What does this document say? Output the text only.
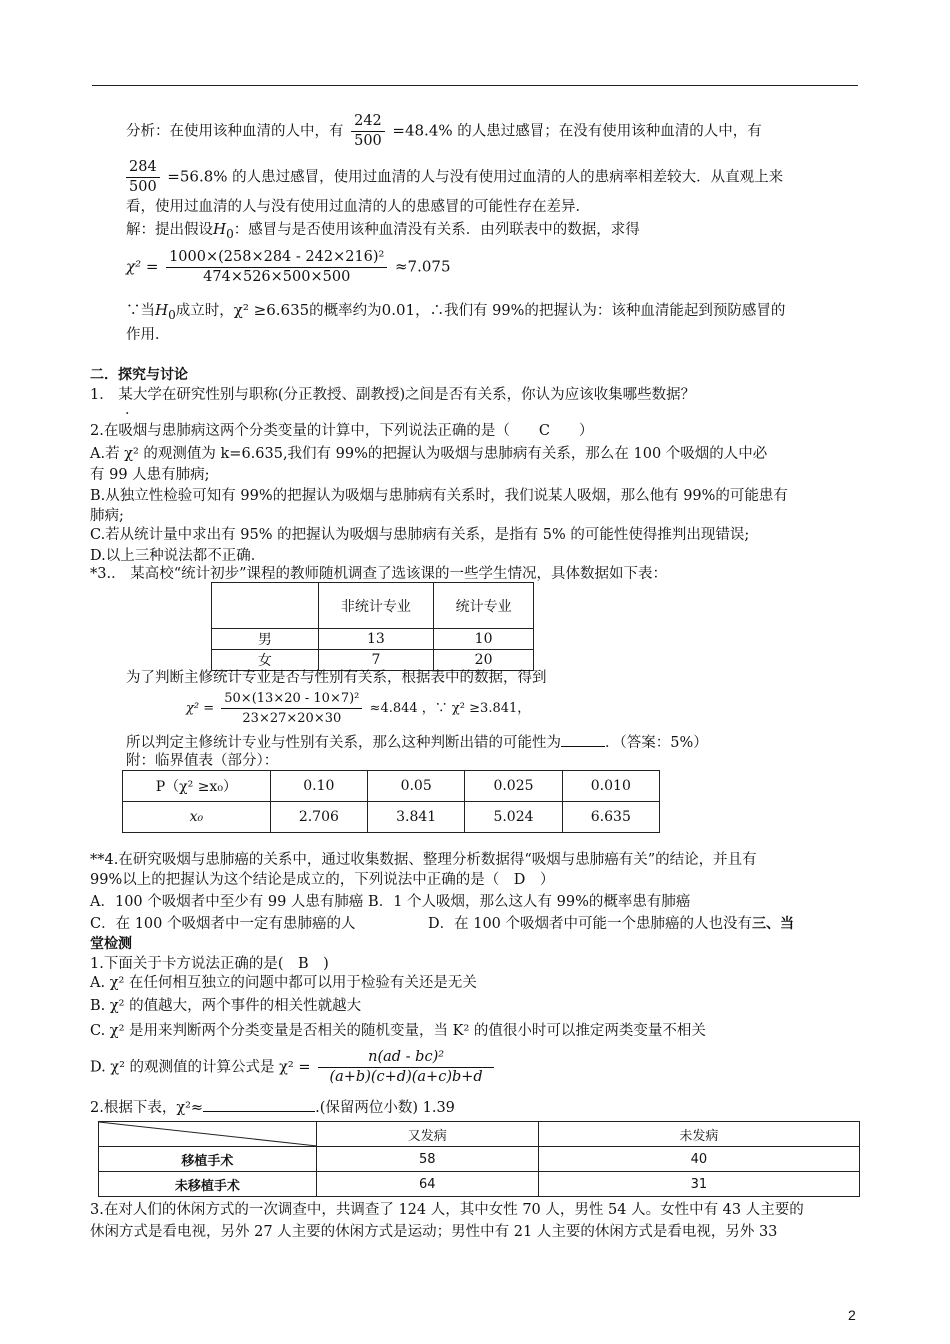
分析：在使用该种血清的人中，有 $\frac{242}{500} =48.4\%$ 的人患过感冒；在没有使用该种血清的人中，有
$\frac{284}{500} =56.8\%$ 的人患过感冒，使用过血清的人与没有使用过血清的人的患病率相差较大．从直观上来
看，使用过血清的人与没有使用过血清的人的患感冒的可能性存在差异．
解：提出假设$H_0$：感冒与是否使用该种血清没有关系．由列联表中的数据，求得
$\chi^2 = \frac{\text{1000×(258×284 - 242×216)²}}{474\times 526\times 500\times 500} \approx 7.075$
∵当$H_0$成立时，χ² ≥6.635的概率约为0.01，∴我们有 99%的把握认为：该种血清能起到预防感冒的
作用．
二．探究与讨论
1． 某大学在研究性别与职称(分正教授、副教授)之间是否有关系，你认为应该收集哪些数据？
．
2.在吸烟与患肺病这两个分类变量的计算中，下列说法正确的是（　　C　　）
A.若 χ² 的观测值为 k=6.635,我们有 99%的把握认为吸烟与患肺病有关系，那么在 100 个吸烟的人中必
有 99 人患有肺病;
B.从独立性检验可知有 99%的把握认为吸烟与患肺病有关系时，我们说某人吸烟，那么他有 99%的可能患有
肺病;
C.若从统计量中求出有 95% 的把握认为吸烟与患肺病有关系，是指有 5% 的可能性使得推判出现错误;
D.以上三种说法都不正确．
*3.． 某高校“统计初步”课程的教师随机调查了选该课的一些学生情况，具体数据如下表：
	非统计专业	统计专业
男	13	10
女	7	20
为了判断主修统计专业是否与性别有关系，根据表中的数据，得到
$\chi^2 = \frac{\text{50×(13×20 - 10×7)²}}{23\times 27\times 20\times 30} \approx 4.844$ ，∵ χ² ≥3.841，
所以判定主修统计专业与性别有关系，那么这种判断出错的可能性为	．（答案：5%）
附：临界值表（部分）：
P（χ² ≥x₀）	0.10	0.05	0.025	0.010
x₀	2.706	3.841	5.024	6.635
**4.在研究吸烟与患肺癌的关系中，通过收集数据、整理分析数据得“吸烟与患肺癌有关”的结论，并且有
99%以上的把握认为这个结论是成立的，下列说法中正确的是（　D　）
A．100 个吸烟者中至少有 99 人患有肺癌 B．1 个人吸烟，那么这人有 99%的概率患有肺癌
C．在 100 个吸烟者中一定有患肺癌的人　　　　　D．在 100 个吸烟者中可能一个患肺癌的人也没有三、当
堂检测
1.下面关于卡方说法正确的是(　B　)
A. χ² 在任何相互独立的问题中都可以用于检验有关还是无关
B. χ² 的值越大，两个事件的相关性就越大
C. χ² 是用来判断两个分类变量是否相关的随机变量，当 K² 的值很小时可以推定两类变量不相关
D. χ² 的观测值的计算公式是 $\chi^2 = \frac{\text{n(ad - bc)²}}{(a+b)(c+d)(a+c)b+d}$
2.根据下表，χ²≈	.(保留两位小数) 1.39
	又发病	未发病
移植手术	58	40
未移植手术	64	31
3.在对人们的休闲方式的一次调查中，共调查了 124 人，其中女性 70 人，男性 54 人。女性中有 43 人主要的
休闲方式是看电视，另外 27 人主要的休闲方式是运动；男性中有 21 人主要的休闲方式是看电视，另外 33
2
